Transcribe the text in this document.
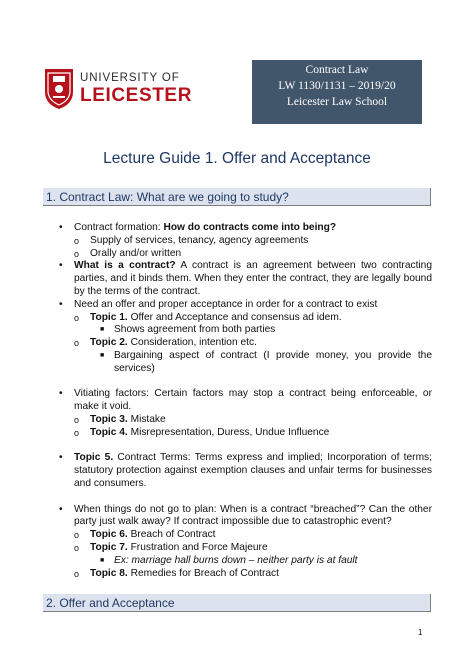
UNIVERSITY OF
LEICESTER
Contract Law
LW 1130/1131 – 2019/20
Leicester Law School
Lecture Guide 1. Offer and Acceptance
1. Contract Law: What are we going to study?
• Contract formation: How do contracts come into being?
o Supply of services, tenancy, agency agreements
o Orally and/or written
• What is a contract? A contract is an agreement between two contracting parties, and it binds them. When they enter the contract, they are legally bound by the terms of the contract.
• Need an offer and proper acceptance in order for a contract to exist
o Topic 1. Offer and Acceptance and consensus ad idem.
■ Shows agreement from both parties
o Topic 2. Consideration, intention etc.
■ Bargaining aspect of contract (I provide money, you provide the services)
• Vitiating factors: Certain factors may stop a contract being enforceable, or make it void.
o Topic 3. Mistake
o Topic 4. Misrepresentation, Duress, Undue Influence
• Topic 5. Contract Terms: Terms express and implied; Incorporation of terms; statutory protection against exemption clauses and unfair terms for businesses and consumers.
• When things do not go to plan: When is a contract “breached”? Can the other party just walk away? If contract impossible due to catastrophic event?
o Topic 6. Breach of Contract
o Topic 7. Frustration and Force Majeure
■ Ex: marriage hall burns down – neither party is at fault
o Topic 8. Remedies for Breach of Contract
2. Offer and Acceptance
1
